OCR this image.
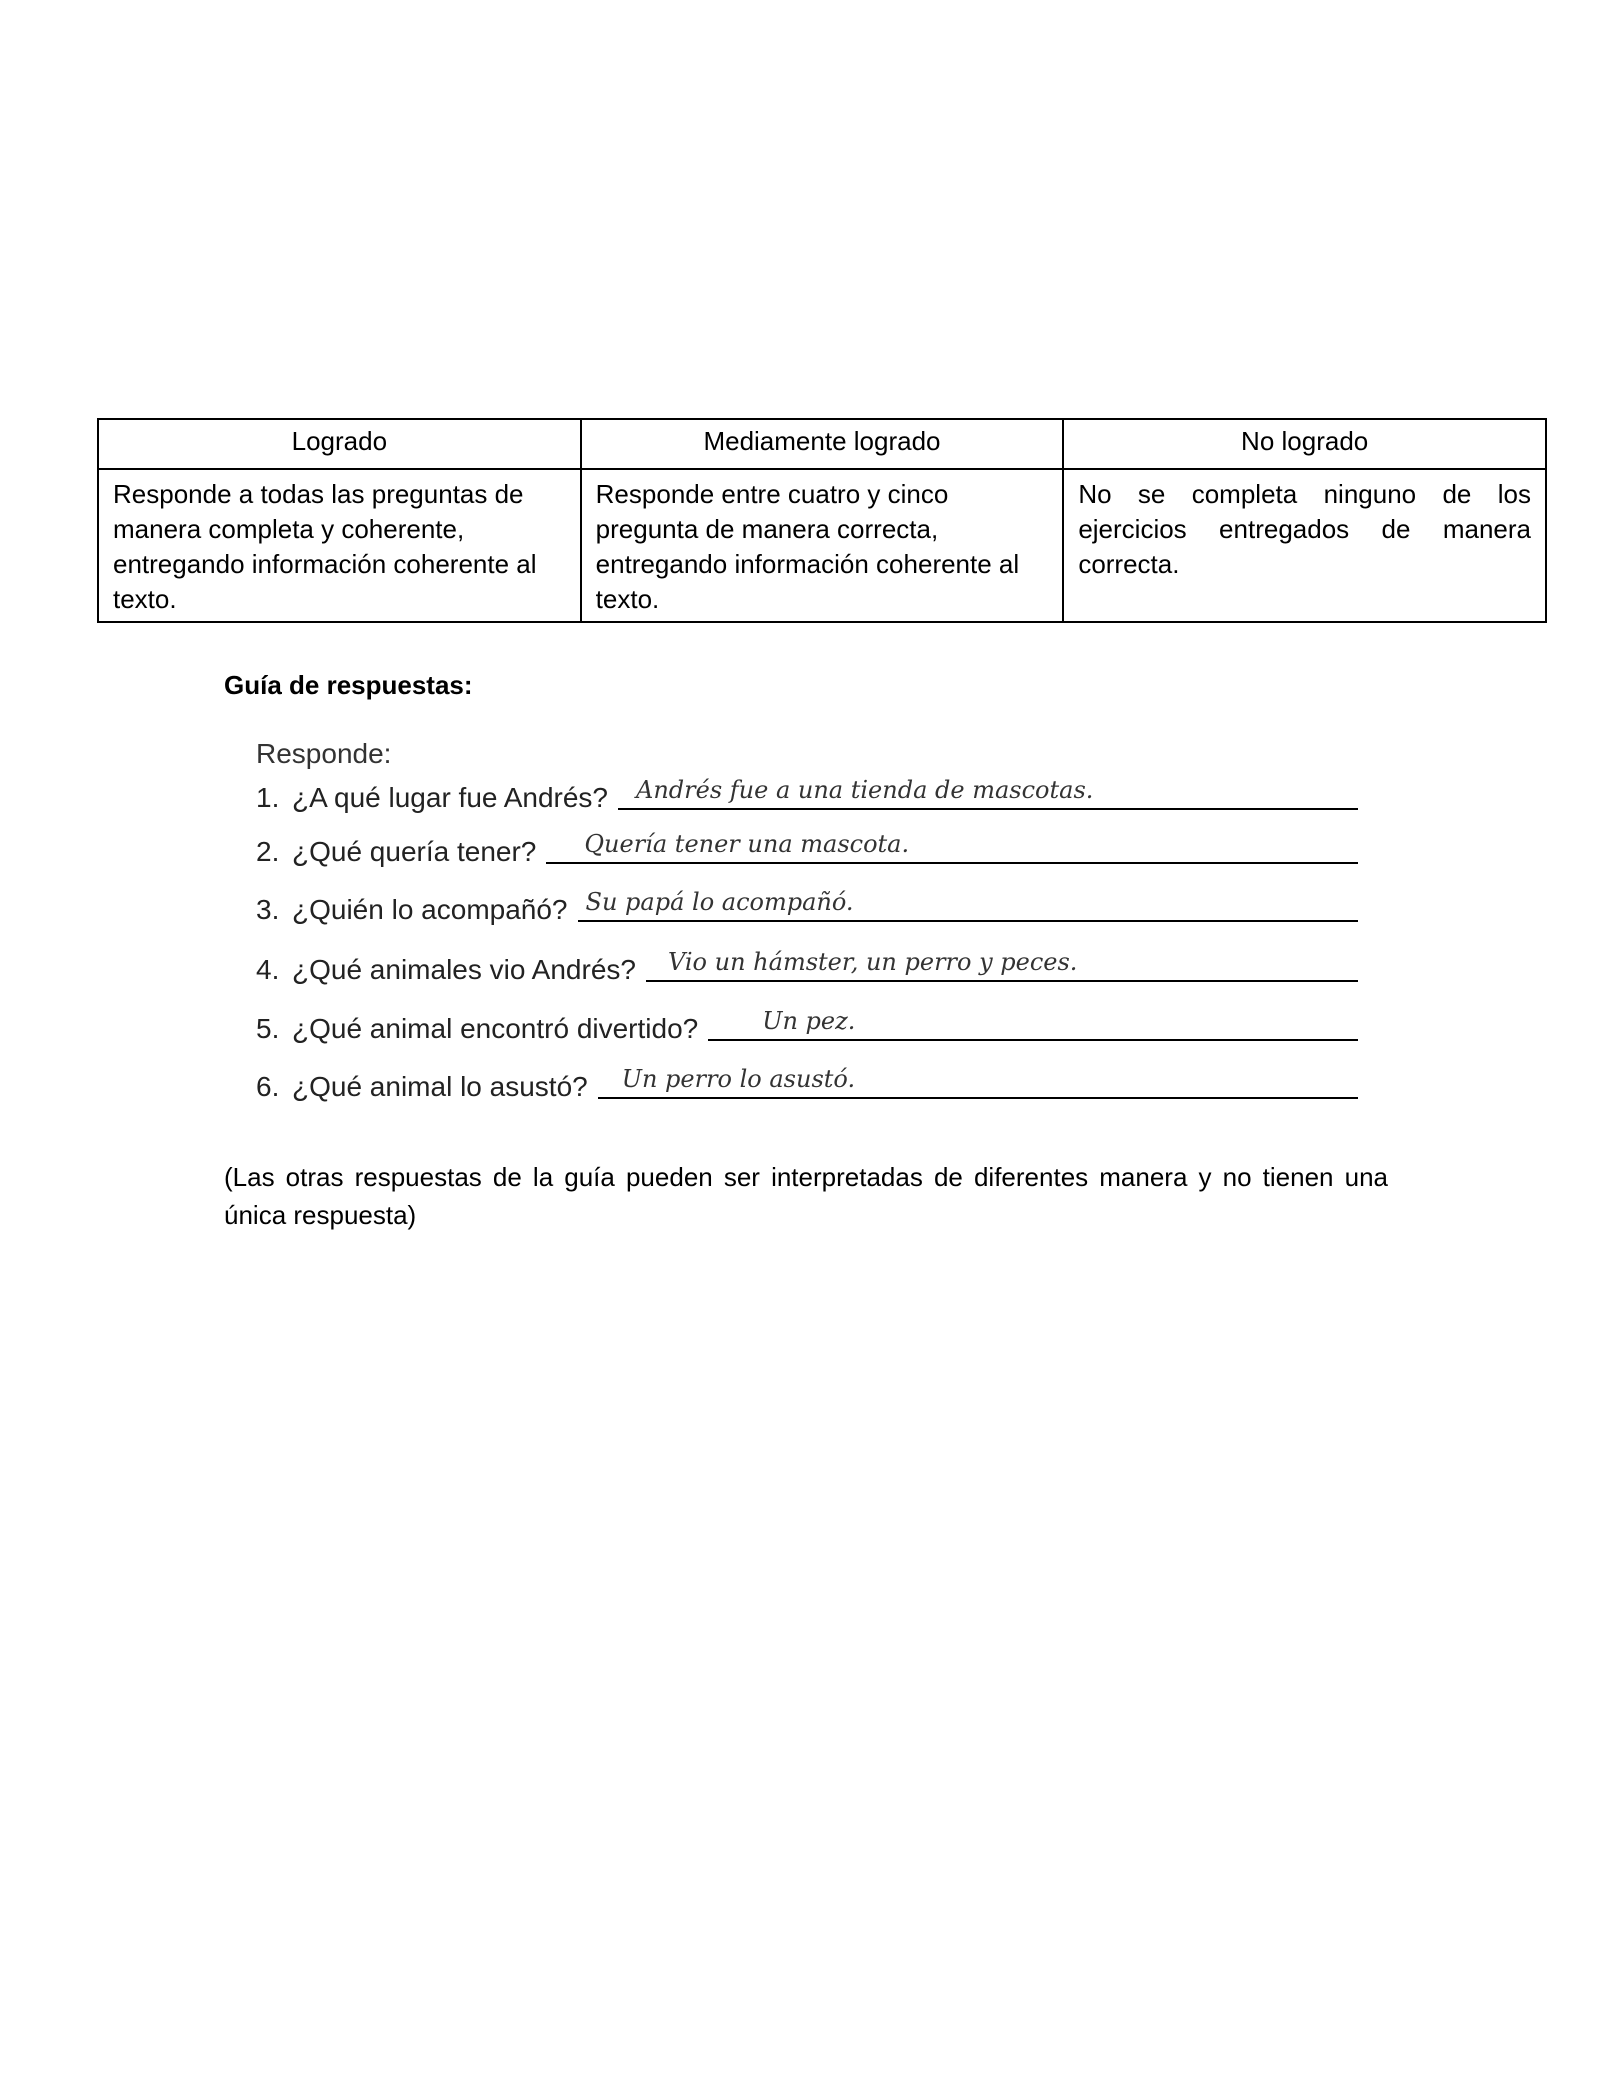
Logrado	Mediamente logrado	No logrado
Responde a todas las preguntas de manera completa y coherente, entregando información coherente al texto.	Responde entre cuatro y cinco pregunta de manera correcta, entregando información coherente al texto.	No se completa ninguno de los ejercicios entregados de manera correcta.
Guía de respuestas:
Responde:
1. ¿A qué lugar fue Andrés? Andrés fue a una tienda de mascotas.
2. ¿Qué quería tener? Quería tener una mascota.
3. ¿Quién lo acompañó? Su papá lo acompañó.
4. ¿Qué animales vio Andrés? Vio un hámster, un perro y peces.
5. ¿Qué animal encontró divertido?	Un pez.
6. ¿Qué animal lo asustó? Un perro lo asustó.
(Las otras respuestas de la guía pueden ser interpretadas de diferentes manera y no tienen una única respuesta)
